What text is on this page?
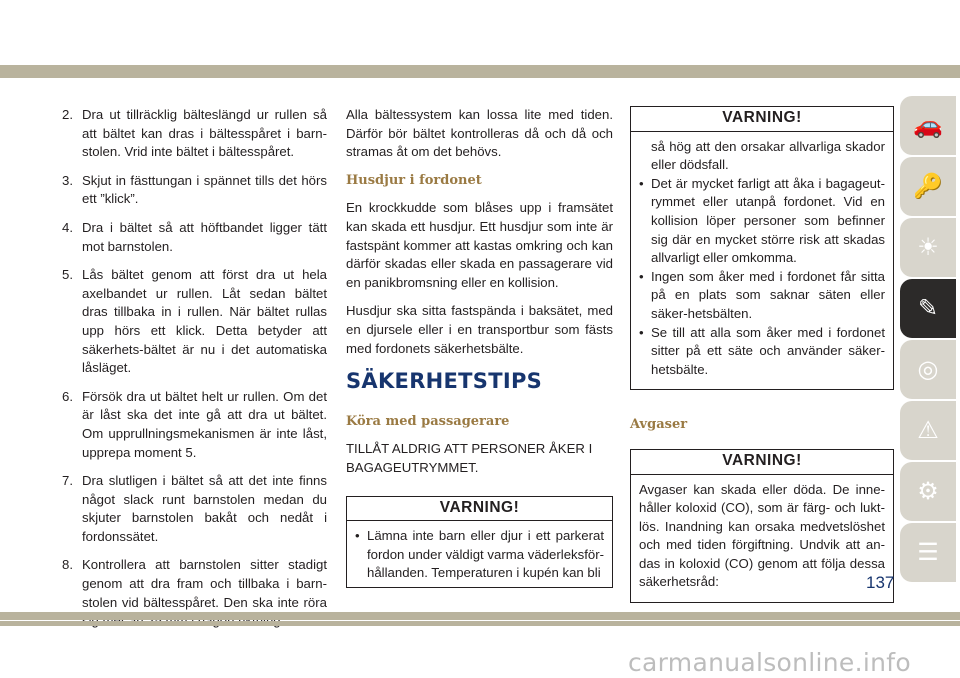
2. Dra ut tillräcklig bälteslängd ur rullen så att bältet kan dras i bältesspåret i barn-stolen. Vrid inte bältet i bältesspåret.
3. Skjut in fästtungan i spännet tills det hörs ett ”klick”.
4. Dra i bältet så att höftbandet ligger tätt mot barnstolen.
5. Lås bältet genom att först dra ut hela axelbandet ur rullen. Låt sedan bältet dras tillbaka in i rullen. När bältet rullas upp hörs ett klick. Detta betyder att säkerhets-bältet är nu i det automatiska låsläget.
6. Försök dra ut bältet helt ur rullen. Om det är låst ska det inte gå att dra ut bältet. Om upprullningsmekanismen är inte låst, upprepa moment 5.
7. Dra slutligen i bältet så att det inte finns något slack runt barnstolen medan du skjuter barnstolen bakåt och nedåt i fordonssätet.
8. Kontrollera att barnstolen sitter stadigt genom att dra fram och tillbaka i barn-stolen vid bältesspåret. Den ska inte röra

Alla bältessystem kan lossa lite med tiden. Därför bör bältet kontrolleras då och då och stramas åt om det behövs.

Husdjur i fordonet

En krockkudde som blåses upp i framsätet kan skada ett husdjur. Ett husdjur som inte är fastspänt kommer att kastas omkring och kan därför skadas eller skada en passagerare vid en panikbromsning eller en kollision.

Husdjur ska sitta fastspända i baksätet, med en djursele eller i en transportbur som fästs med fordonets säkerhetsbälte.

SÄKERHETSTIPS
Köra med passagerare

TILLÅT ALDRIG ATT PERSONER ÅKER I BAGAGEUTRYMMET.

VARNING!
• Lämna inte barn eller djur i ett parkerat fordon under väldigt varma väderleksför-hållanden. Temperaturen i kupén kan bli
VARNING!
så hög att den orsakar allvarliga skador eller dödsfall.
• Det är mycket farligt att åka i bagageut-rymmet eller utanpå fordonet. Vid en kollision löper personer som befinner sig där en mycket större risk att skadas allvarligt eller omkomma.
• Ingen som åker med i fordonet får sitta på en plats som saknar säten eller säker-hetsbälten.
• Se till att alla som åker med i fordonet sitter på ett säte och använder säker-hetsbälte.
Avgaser
VARNING!
Avgaser kan skada eller döda. De inne-håller koloxid (CO), som är färg- och lukt-lös. Inandning kan orsaka medvetslöshet och med tiden förgiftning. Undvik att an-das in koloxid (CO) genom att följa dessa säkerhetsråd:
🚗
🔑
☀
✎
◎
⚠
⚙
☰
137
carmanualsonline.info
